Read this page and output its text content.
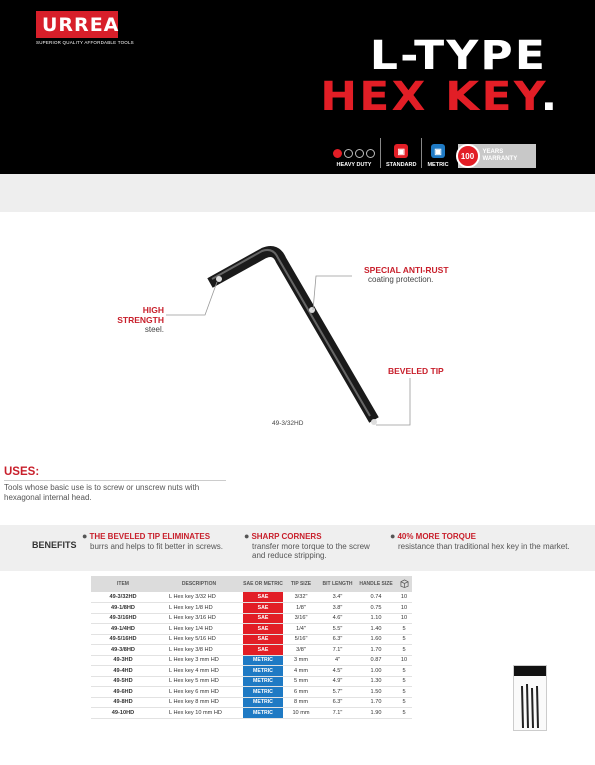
URREA
SUPERIOR QUALITY AFFORDABLE TOOLS	L-TYPE
HEX KEY.
HEAVY DUTY
▣
STANDARD
▣
METRIC
100	YEARS
WARRANTY
SPECIAL ANTI-RUST
coating protection.
HIGH STRENGTH
steel.
BEVELED TIP
49-3/32HD
USES:
Tools whose basic use is to screw or unscrew nuts with hexagonal internal head.
BENEFITS
● THE BEVELED TIP ELIMINATES
burrs and helps to fit better in screws.
● SHARP CORNERS
transfer more torque to the screw and reduce stripping.
● 40% MORE TORQUE
resistance than traditional hex key in the market.
ITEM	DESCRIPTION	SAE OR METRIC	TIP SIZE	BIT LENGTH	HANDLE SIZE	
49-3/32HD	L Hex key 3/32 HD	SAE	3/32"	3.4"	0.74	10
49-1/8HD	L Hex key 1/8 HD	SAE	1/8"	3.8"	0.75	10
49-3/16HD	L Hex key 3/16 HD	SAE	3/16"	4.6"	1.10	10
49-1/4HD	L Hex key 1/4 HD	SAE	1/4"	5.5"	1.40	5
49-5/16HD	L Hex key 5/16 HD	SAE	5/16"	6.3"	1.60	5
49-3/8HD	L Hex key 3/8 HD	SAE	3/8"	7.1"	1.70	5
49-3HD	L Hex key 3 mm HD	METRIC	3 mm	4"	0.87	10
49-4HD	L Hex key 4 mm HD	METRIC	4 mm	4.5"	1.00	5
49-5HD	L Hex key 5 mm HD	METRIC	5 mm	4.9"	1.30	5
49-6HD	L Hex key 6 mm HD	METRIC	6 mm	5.7"	1.50	5
49-8HD	L Hex key 8 mm HD	METRIC	8 mm	6.3"	1.70	5
49-10HD	L Hex key 10 mm HD	METRIC	10 mm	7.1"	1.90	5
